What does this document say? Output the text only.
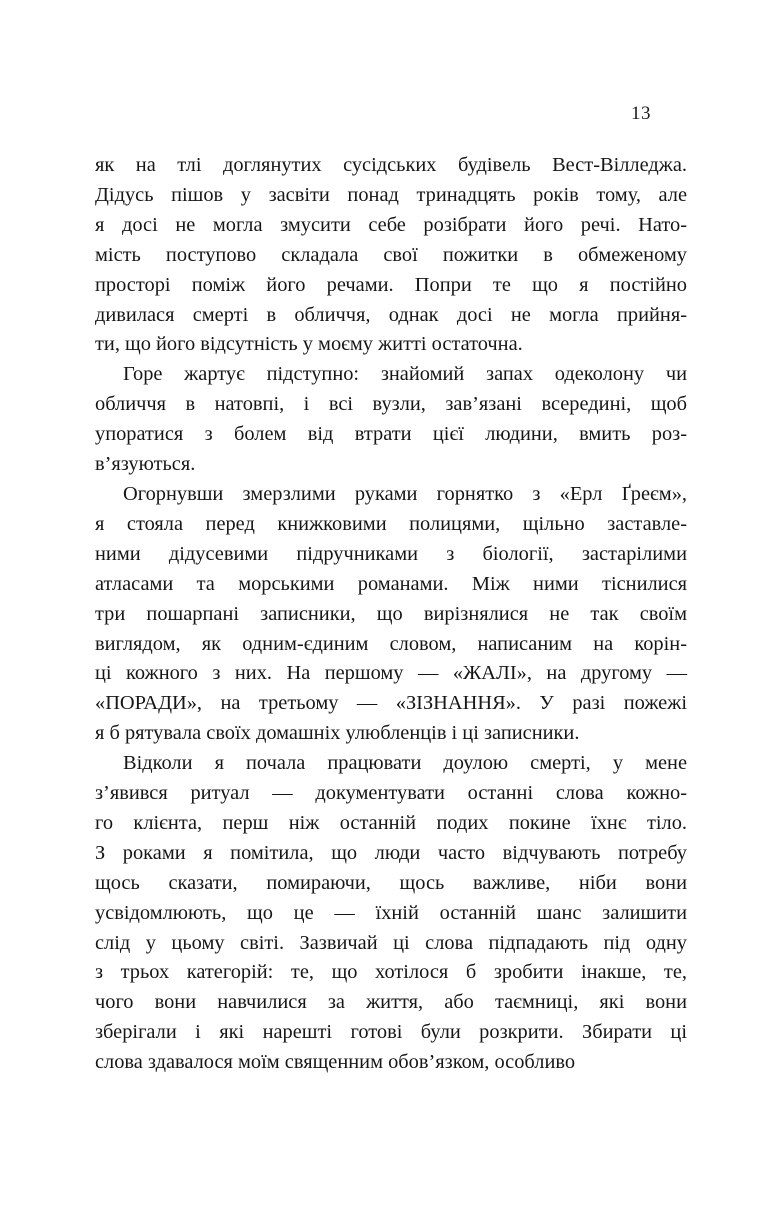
13
як на тлі доглянутих сусідських будівель Вест-Вілледжа.
Дідусь пішов у засвіти понад тринадцять років тому, але
я досі не могла змусити себе розібрати його речі. Нато-
мість поступово складала свої пожитки в обмеженому
просторі поміж його речами. Попри те що я постійно
дивилася смерті в обличчя, однак досі не могла прийня-
ти, що його відсутність у моєму житті остаточна.
Горе жартує підступно: знайомий запах одеколону чи
обличчя в натовпі, і всі вузли, зав’язані всередині, щоб
упоратися з болем від втрати цієї людини, вмить роз-
в’язуються.
Огорнувши змерзлими руками горнятко з «Ерл Ґреєм»,
я стояла перед книжковими полицями, щільно заставле-
ними дідусевими підручниками з біології, застарілими
атласами та морськими романами. Між ними тіснилися
три пошарпані записники, що вирізнялися не так своїм
виглядом, як одним-єдиним словом, написаним на корін-
ці кожного з них. На першому — «ЖАЛІ», на другому —
«ПОРАДИ», на третьому — «ЗІЗНАННЯ». У разі пожежі
я б рятувала своїх домашніх улюбленців і ці записники.
Відколи я почала працювати доулою смерті, у мене
з’явився ритуал — документувати останні слова кожно-
го клієнта, перш ніж останній подих покине їхнє тіло.
З роками я помітила, що люди часто відчувають потребу
щось сказати, помираючи, щось важливе, ніби вони
усвідомлюють, що це — їхній останній шанс залишити
слід у цьому світі. Зазвичай ці слова підпадають під одну
з трьох категорій: те, що хотілося б зробити інакше, те,
чого вони навчилися за життя, або таємниці, які вони
зберігали і які нарешті готові були розкрити. Збирати ці
слова здавалося моїм священним обов’язком, особливо
